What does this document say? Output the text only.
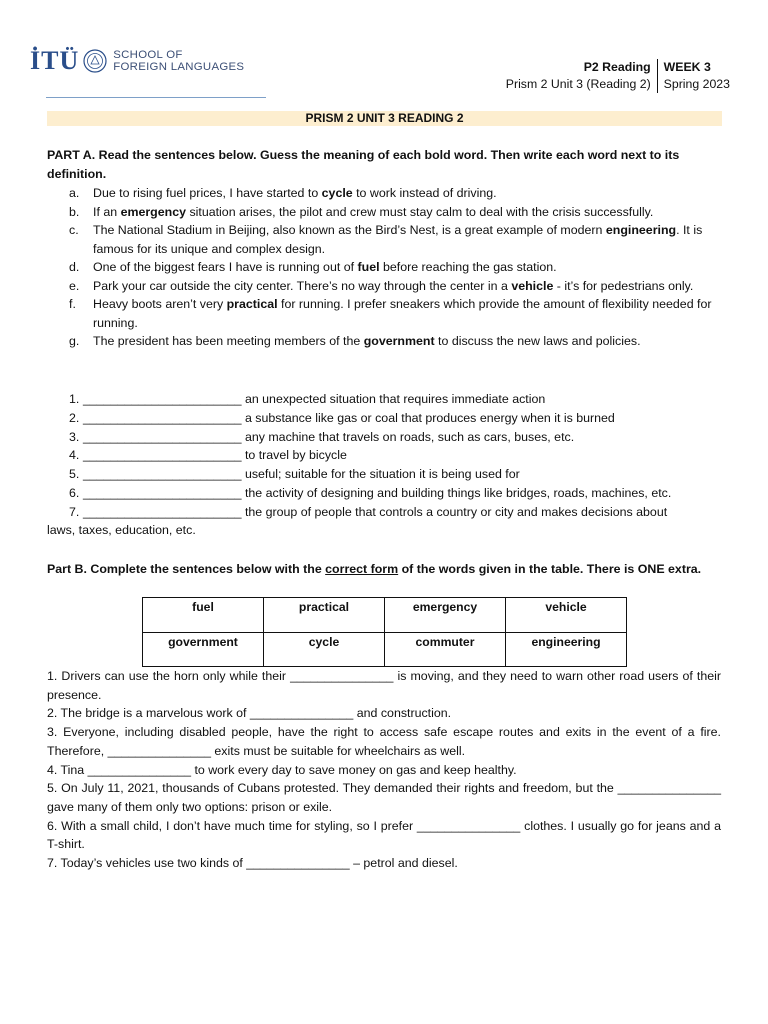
İTÜ	SCHOOL OF
FOREIGN LANGUAGES	P2 Reading
Prism 2 Unit 3 (Reading 2)
WEEK 3
Spring 2023
PRISM 2 UNIT 3 READING 2
PART A. Read the sentences below. Guess the meaning of each bold word. Then write each word next to its definition.
a. Due to rising fuel prices, I have started to cycle to work instead of driving.
b. If an emergency situation arises, the pilot and crew must stay calm to deal with the crisis successfully.
c. The National Stadium in Beijing, also known as the Bird’s Nest, is a great example of modern engineering. It is famous for its unique and complex design.
d. One of the biggest fears I have is running out of fuel before reaching the gas station.
e. Park your car outside the city center. There’s no way through the center in a vehicle - it’s for pedestrians only.
f. Heavy boots aren’t very practical for running. I prefer sneakers which provide the amount of flexibility needed for running.
g. The president has been meeting members of the government to discuss the new laws and policies.
1. _______________________ an unexpected situation that requires immediate action
2. _______________________ a substance like gas or coal that produces energy when it is burned
3. _______________________ any machine that travels on roads, such as cars, buses, etc.
4. _______________________ to travel by bicycle
5. _______________________ useful; suitable for the situation it is being used for
6. _______________________ the activity of designing and building things like bridges, roads, machines, etc.
7. _______________________ the group of people that controls a country or city and makes decisions about
laws, taxes, education, etc.
Part B. Complete the sentences below with the correct form of the words given in the table. There is ONE extra.
fuel	practical	emergency	vehicle
government	cycle	commuter	engineering

1. Drivers can use the horn only while their _______________ is moving, and they need to warn other road users of their presence.

2. The bridge is a marvelous work of _______________ and construction.

3. Everyone, including disabled people, have the right to access safe escape routes and exits in the event of a fire. Therefore, _______________ exits must be suitable for wheelchairs as well.

4. Tina _______________ to work every day to save money on gas and keep healthy.

5. On July 11, 2021, thousands of Cubans protested. They demanded their rights and freedom, but the _______________ gave many of them only two options: prison or exile.

6. With a small child, I don’t have much time for styling, so I prefer _______________ clothes. I usually go for jeans and a T-shirt.

7. Today’s vehicles use two kinds of _______________ – petrol and diesel.
